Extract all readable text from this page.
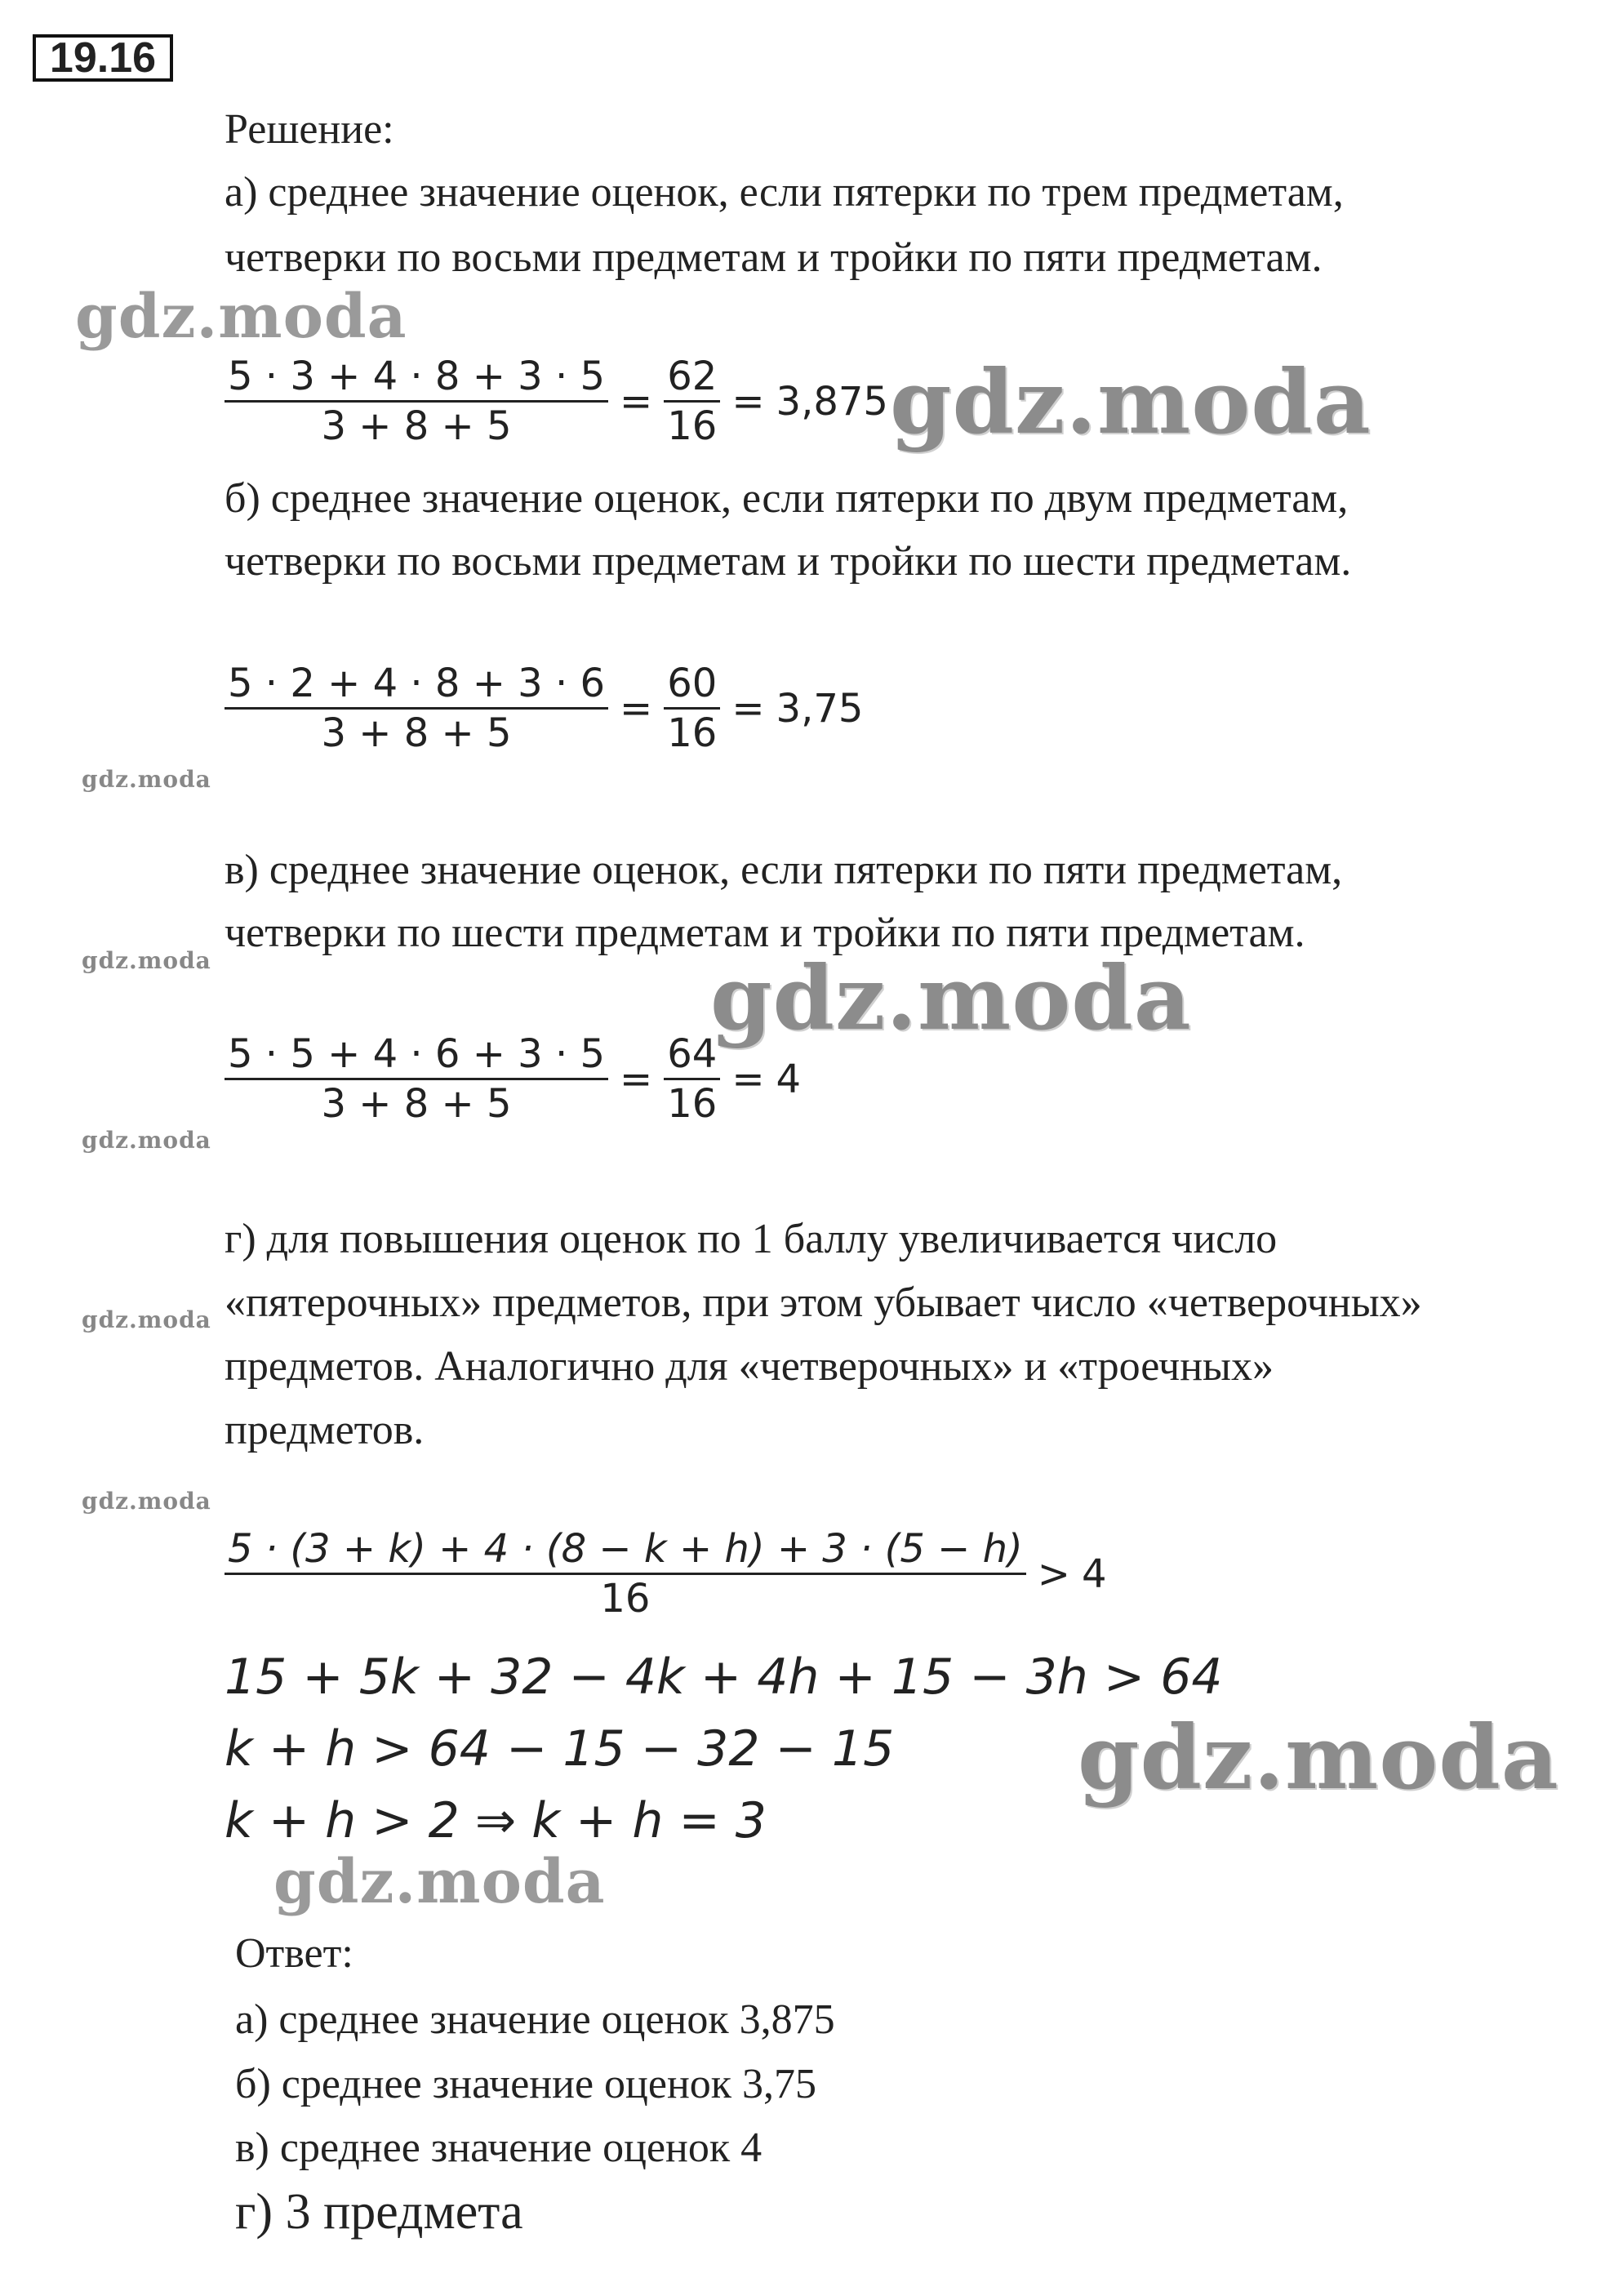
19.16
Решение:
а) среднее значение оценок, если пятерки по трем предметам,
четверки по восьми предметам и тройки по пяти предметам.
$\frac{5 \cdot 3 + 4 \cdot 8 + 3 \cdot 5}{3 + 8 + 5} = \frac{62}{16} = 3,875$
б) среднее значение оценок, если пятерки по двум предметам,
четверки по восьми предметам и тройки по шести предметам.
$\frac{5 \cdot 2 + 4 \cdot 8 + 3 \cdot 6}{3 + 8 + 5} = \frac{60}{16} = 3,75$
в) среднее значение оценок, если пятерки по пяти предметам,
четверки по шести предметам и тройки по пяти предметам.
$\frac{5 \cdot 5 + 4 \cdot 6 + 3 \cdot 5}{3 + 8 + 5} = \frac{64}{16} = 4$
г) для повышения оценок по 1 баллу увеличивается число
«пятерочных» предметов, при этом убывает число «четверочных»
предметов. Аналогично для «четверочных» и «троечных»
предметов.
$\frac{5 \cdot (3 + k) + 4 \cdot (8 - k + h) + 3 \cdot (5 - h)}{16} > 4$
15 + 5k + 32 − 4k + 4h + 15 − 3h > 64
k + h > 64 − 15 − 32 − 15
k + h > 2 ⇒ k + h = 3
Ответ:
а) среднее значение оценок 3,875
б) среднее значение оценок 3,75
в) среднее значение оценок 4
г) 3 предмета
gdz.moda
gdz.moda
gdz.moda
gdz.moda	gdz.moda
gdz.moda
gdz.moda
gdz.moda
gdz.moda
gdz.moda
